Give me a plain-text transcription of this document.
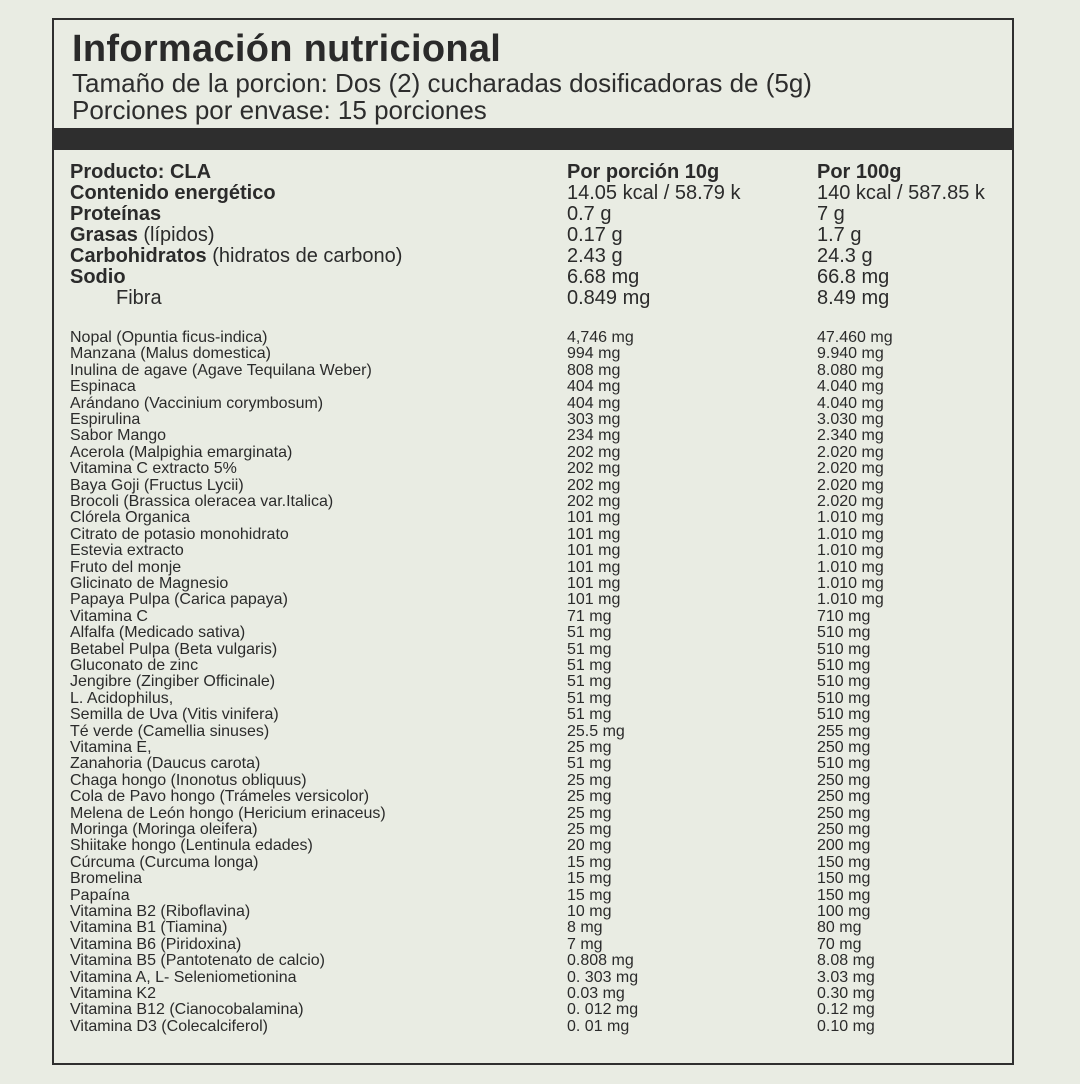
Información nutricional
Tamaño de la porcion: Dos (2) cucharadas dosificadoras de (5g)
Porciones por envase: 15 porciones
Producto: CLA	Por porción 10g	Por 100g
Contenido energético	14.05 kcal / 58.79 k	140 kcal / 587.85 k
Proteínas	0.7 g	7 g
Grasas (lípidos)	0.17 g	1.7 g
Carbohidratos (hidratos de carbono)	2.43 g	24.3 g
Sodio	6.68 mg	66.8 mg
Fibra	0.849 mg	8.49 mg
Nopal (Opuntia ficus-indica)	4,746 mg	47.460 mg
Manzana (Malus domestica)	994 mg	9.940 mg
Inulina de agave (Agave Tequilana Weber)	808 mg	8.080 mg
Espinaca	404 mg	4.040 mg
Arándano (Vaccinium corymbosum)	404 mg	4.040 mg
Espirulina	303 mg	3.030 mg
Sabor Mango	234 mg	2.340 mg
Acerola (Malpighia emarginata)	202 mg	2.020 mg
Vitamina C extracto 5%	202 mg	2.020 mg
Baya Goji (Fructus Lycii)	202 mg	2.020 mg
Brocoli (Brassica oleracea var.Italica)	202 mg	2.020 mg
Clórela Organica	101 mg	1.010 mg
Citrato de potasio monohidrato	101 mg	1.010 mg
Estevia extracto	101 mg	1.010 mg
Fruto del monje	101 mg	1.010 mg
Glicinato de Magnesio	101 mg	1.010 mg
Papaya Pulpa (Carica papaya)	101 mg	1.010 mg
Vitamina C	71 mg	710 mg
Alfalfa (Medicado sativa)	51 mg	510 mg
Betabel Pulpa (Beta vulgaris)	51 mg	510 mg
Gluconato de zinc	51 mg	510 mg
Jengibre (Zingiber Officinale)	51 mg	510 mg
L. Acidophilus,	51 mg	510 mg
Semilla de Uva (Vitis vinifera)	51 mg	510 mg
Té verde (Camellia sinuses)	25.5 mg	255 mg
Vitamina E,	25 mg	250 mg
Zanahoria (Daucus carota)	51 mg	510 mg
Chaga hongo (Inonotus obliquus)	25 mg	250 mg
Cola de Pavo hongo (Trámeles versicolor)	25 mg	250 mg
Melena de León hongo (Hericium erinaceus)	25 mg	250 mg
Moringa (Moringa oleifera)	25 mg	250 mg
Shiitake hongo (Lentinula edades)	20 mg	200 mg
Cúrcuma (Curcuma longa)	15 mg	150 mg
Bromelina	15 mg	150 mg
Papaína	15 mg	150 mg
Vitamina B2 (Riboflavina)	10 mg	100 mg
Vitamina B1 (Tiamina)	8 mg	80 mg
Vitamina B6 (Piridoxina)	7 mg	70 mg
Vitamina B5 (Pantotenato de calcio)	0.808 mg	8.08 mg
Vitamina A, L- Seleniometionina	0. 303 mg	3.03 mg
Vitamina K2	0.03 mg	0.30 mg
Vitamina B12 (Cianocobalamina)	0. 012 mg	0.12 mg
Vitamina D3 (Colecalciferol)	0. 01 mg	0.10 mg
